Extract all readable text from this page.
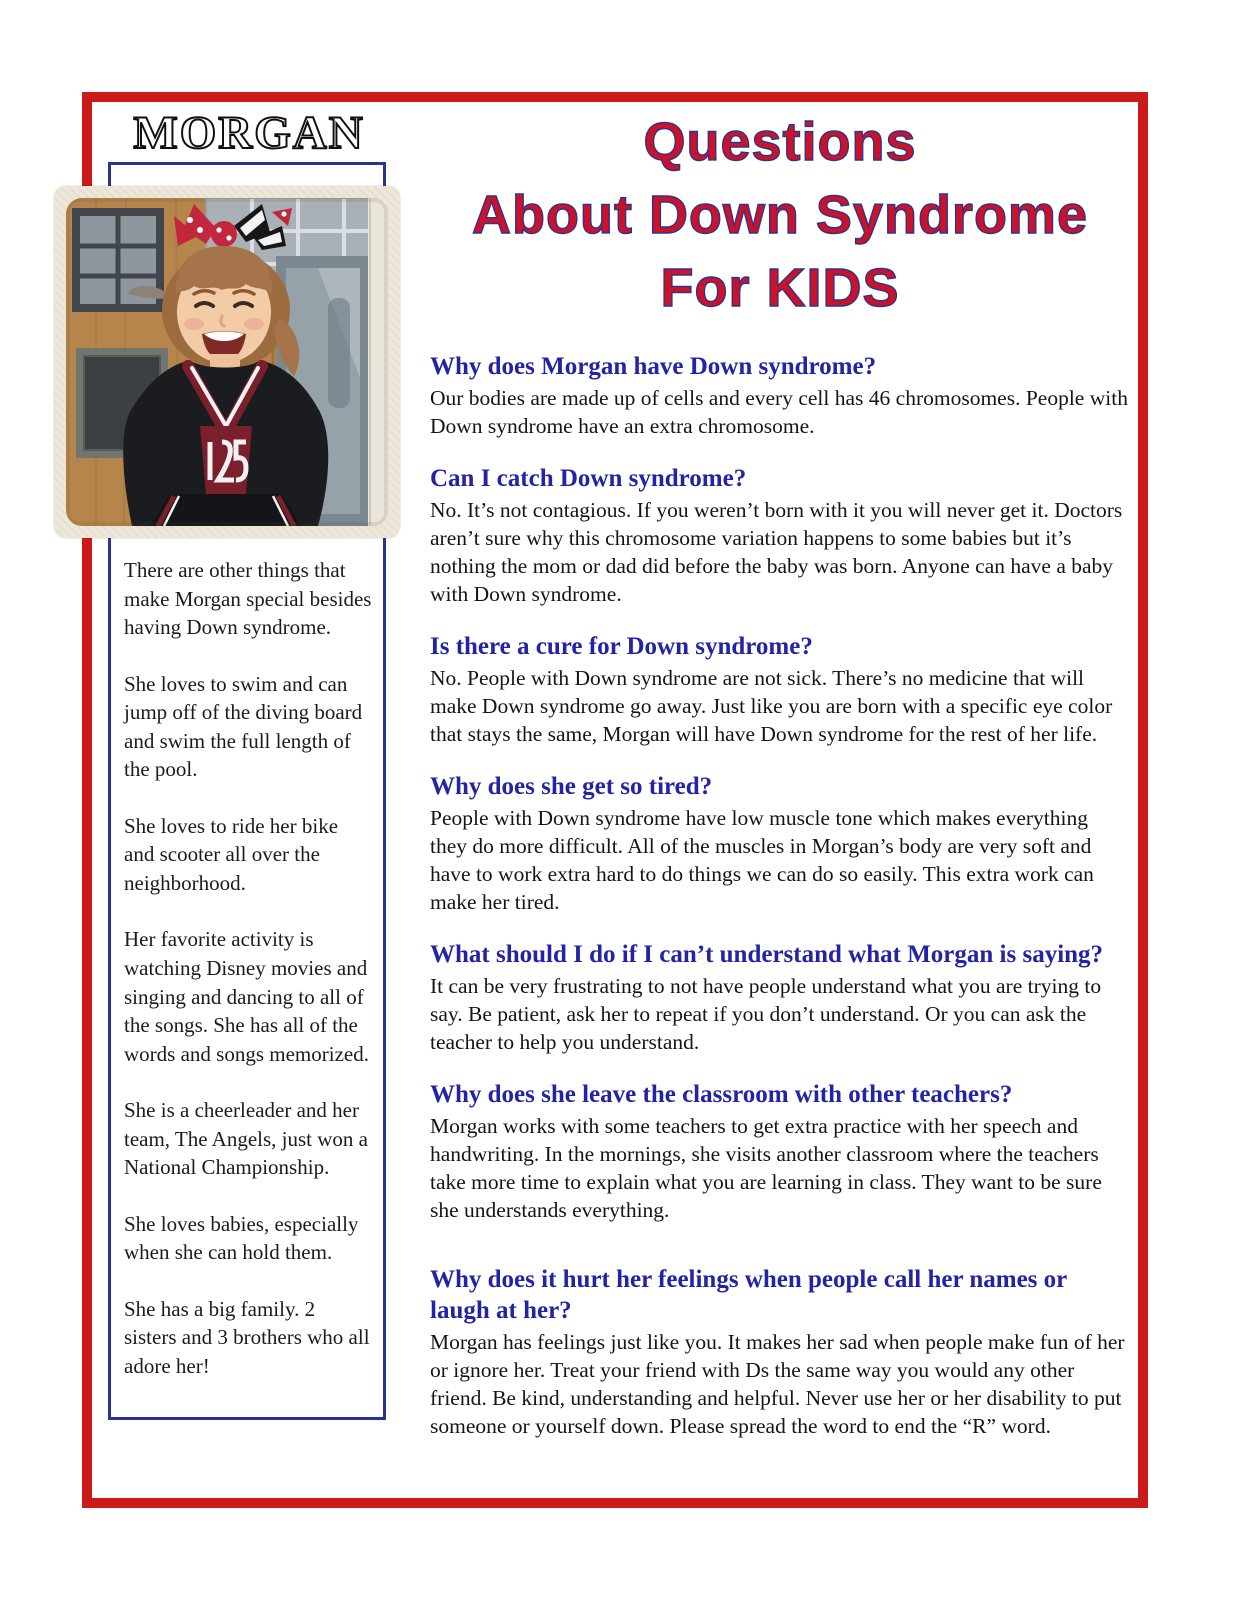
MORGAN

There are other things that make Morgan special besides having Down syndrome.

She loves to swim and can jump off of the diving board and swim the full length of the pool.

She loves to ride her bike and scooter all over the neighborhood.

Her favorite activity is watching Disney movies and singing and dancing to all of the songs. She has all of the words and songs memorized.

She is a cheerleader and her team, The Angels, just won a National Championship.

She loves babies, especially when she can hold them.

She has a big family. 2 sisters and 3 brothers who all adore her!

Questions
About Down Syndrome
For KIDS
Why does Morgan have Down syndrome?
Our bodies are made up of cells and every cell has 46 chromosomes. People with Down syndrome have an extra chromosome.
Can I catch Down syndrome?
No. It’s not contagious. If you weren’t born with it you will never get it. Doctors aren’t sure why this chromosome variation happens to some babies but it’s nothing the mom or dad did before the baby was born. Anyone can have a baby with Down syndrome.
Is there a cure for Down syndrome?
No. People with Down syndrome are not sick. There’s no medicine that will make Down syndrome go away. Just like you are born with a specific eye color that stays the same, Morgan will have Down syndrome for the rest of her life.
Why does she get so tired?
People with Down syndrome have low muscle tone which makes everything they do more difficult. All of the muscles in Morgan’s body are very soft and have to work extra hard to do things we can do so easily. This extra work can make her tired.
What should I do if I can’t understand what Morgan is saying?
It can be very frustrating to not have people understand what you are trying to say. Be patient, ask her to repeat if you don’t understand. Or you can ask the teacher to help you understand.
Why does she leave the classroom with other teachers?
Morgan works with some teachers to get extra practice with her speech and handwriting. In the mornings, she visits another classroom where the teachers take more time to explain what you are learning in class. They want to be sure she understands everything.
Why does it hurt her feelings when people call her names or laugh at her?
Morgan has feelings just like you. It makes her sad when people make fun of her or ignore her. Treat your friend with Ds the same way you would any other friend. Be kind, understanding and helpful. Never use her or her disability to put someone or yourself down. Please spread the word to end the “R” word.
